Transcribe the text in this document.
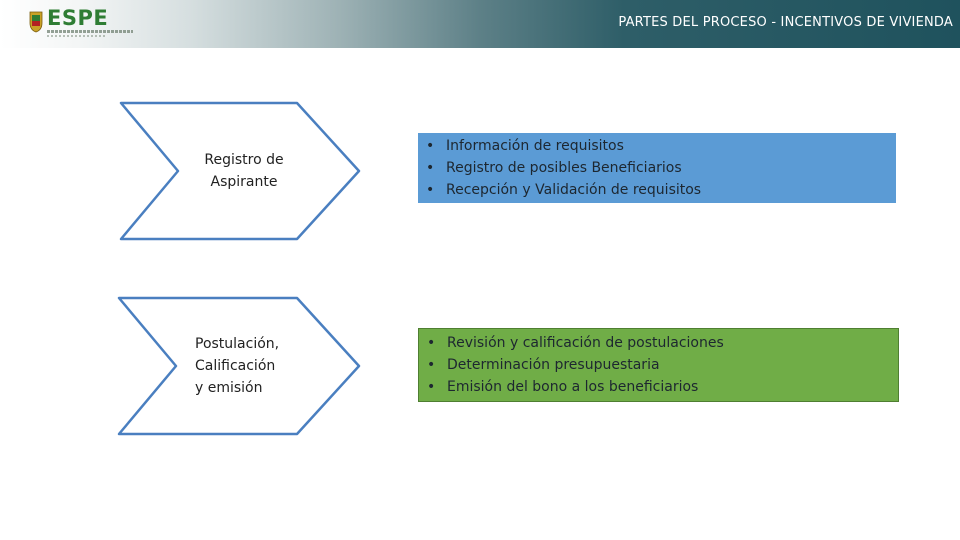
ESPE	PARTES DEL PROCESO - INCENTIVOS DE VIVIENDA
Registro de
Aspirante
Postulación,
Calificación
y emisión
• Información de requisitos
• Registro de posibles Beneficiarios
• Recepción y Validación de requisitos
• Revisión y calificación de postulaciones
• Determinación presupuestaria
• Emisión del bono a los beneficiarios
